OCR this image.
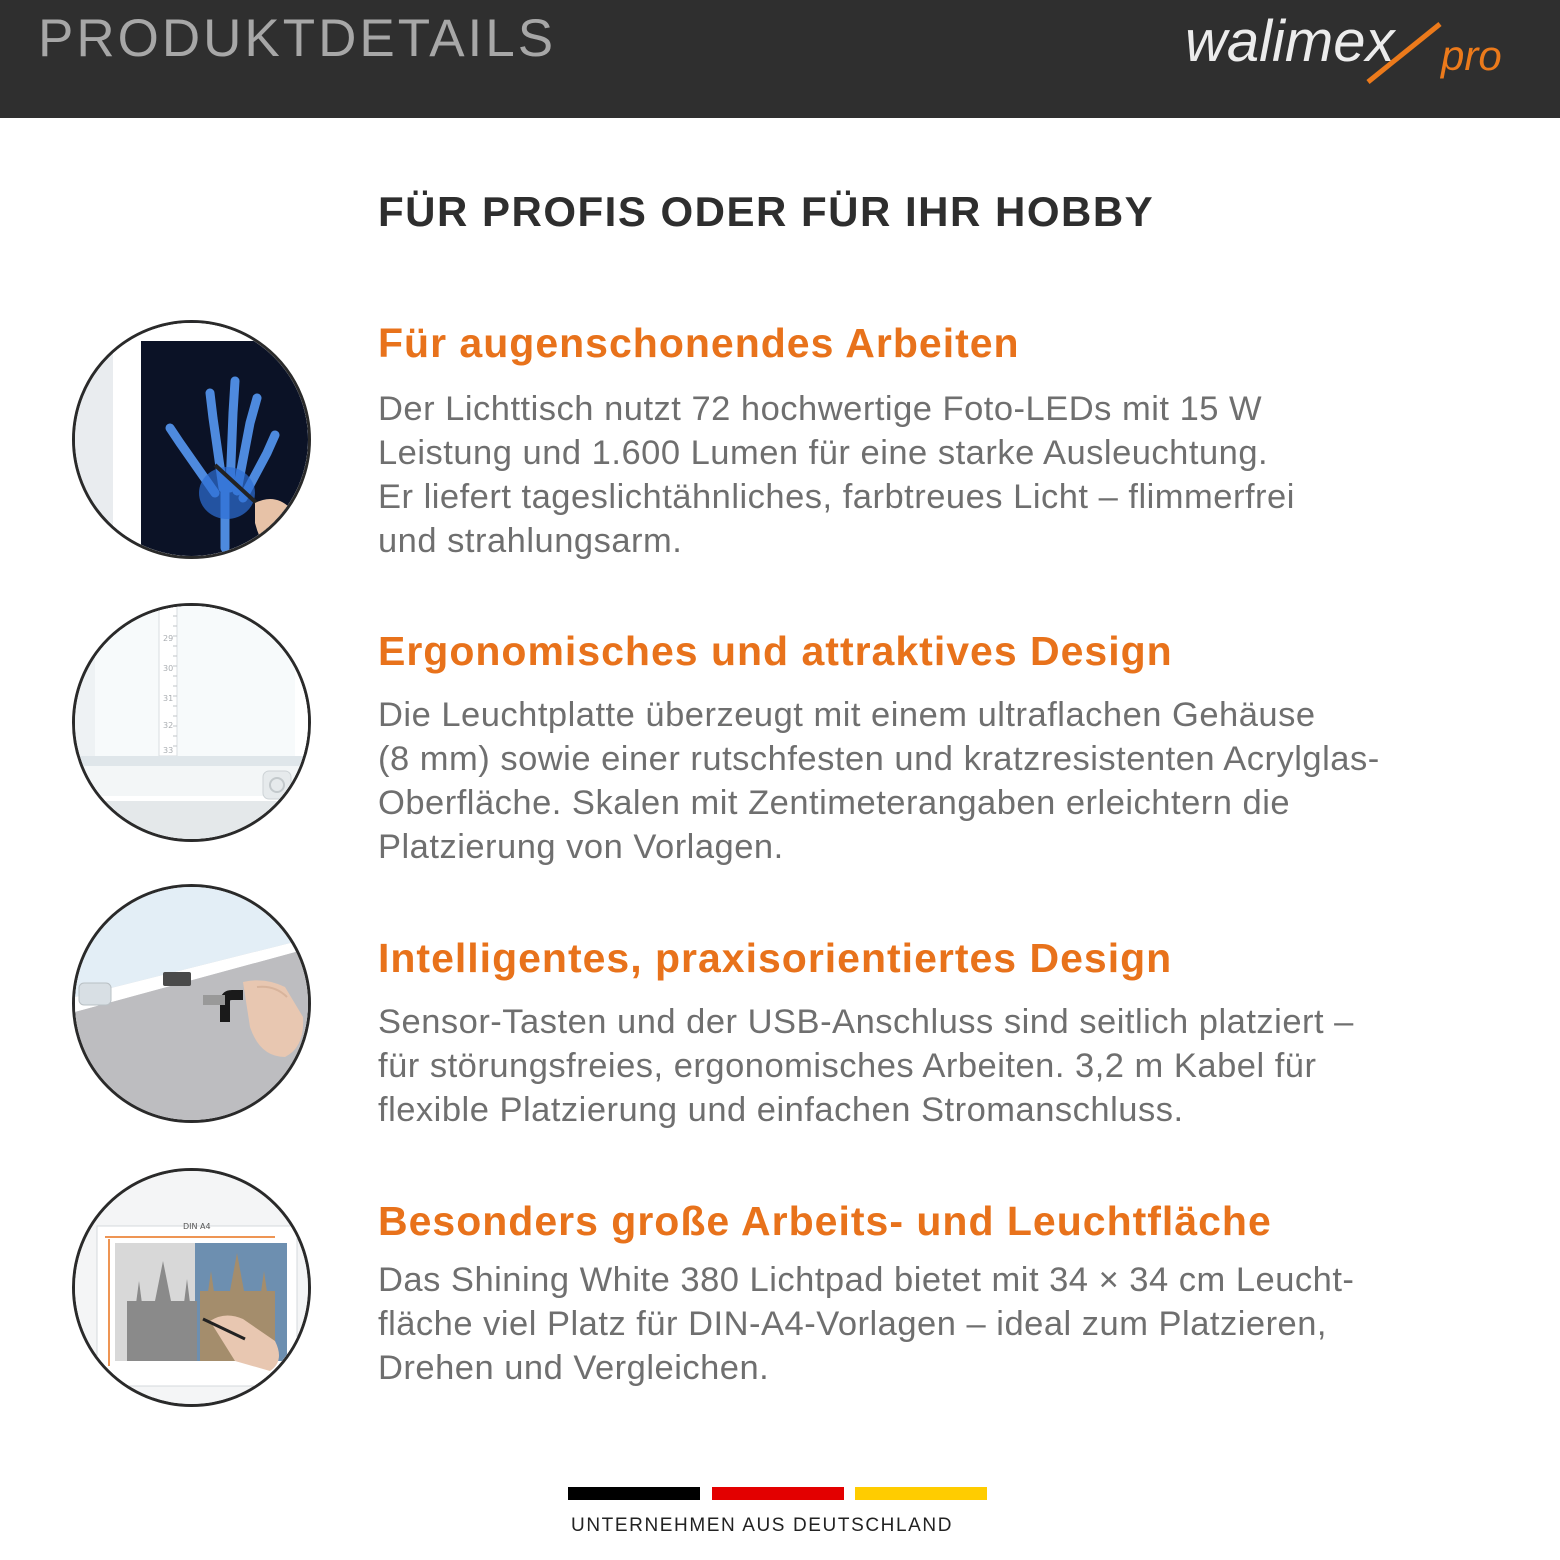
PRODUKTDETAILS	walimex pro
FÜR PROFIS ODER FÜR IHR HOBBY
Für augenschonendes Arbeiten
Der Lichttisch nutzt 72 hochwertige Foto-LEDs mit 15 W
Leistung und 1.600 Lumen für eine starke Ausleuchtung.
Er liefert tageslichtähnliches, farbtreues Licht – flimmerfrei
und strahlungsarm.
29
30
31
32
33
Ergonomisches und attraktives Design
Die Leuchtplatte überzeugt mit einem ultraflachen Gehäuse
(8 mm) sowie einer rutschfesten und kratzresistenten Acrylglas-
Oberfläche. Skalen mit Zentimeterangaben erleichtern die
Platzierung von Vorlagen.
Intelligentes, praxisorientiertes Design
Sensor-Tasten und der USB-Anschluss sind seitlich platziert –
für störungsfreies, ergonomisches Arbeiten. 3,2 m Kabel für
flexible Platzierung und einfachen Stromanschluss.
DIN A4	Besonders große Arbeits- und Leuchtfläche
Das Shining White 380 Lichtpad bietet mit 34 × 34 cm Leucht-
fläche viel Platz für DIN-A4-Vorlagen – ideal zum Platzieren,
Drehen und Vergleichen.
UNTERNEHMEN AUS DEUTSCHLAND
